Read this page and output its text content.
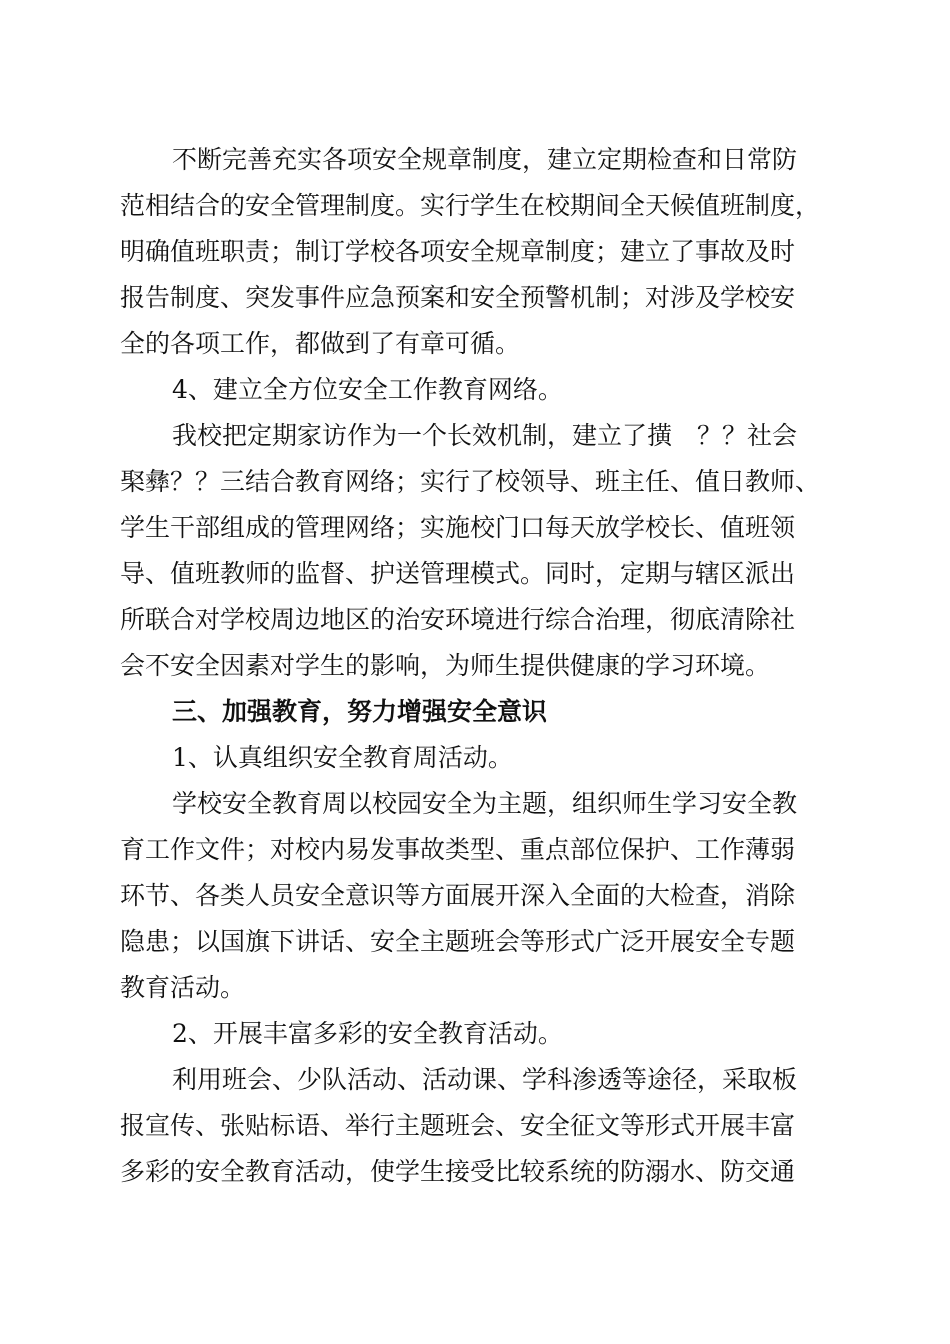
不断完善充实各项安全规章制度，建立定期检查和日常防
范相结合的安全管理制度。实行学生在校期间全天候值班制度，
明确值班职责；制订学校各项安全规章制度；建立了事故及时
报告制度、突发事件应急预案和安全预警机制；对涉及学校安
全的各项工作，都做到了有章可循。
4、建立全方位安全工作教育网络。
我校把定期家访作为一个长效机制，建立了撗　？？社会
棸彝？？三结合教育网络；实行了校领导、班主任、值日教师、
学生干部组成的管理网络；实施校门口每天放学校长、值班领
导、值班教师的监督、护送管理模式。同时，定期与辖区派出
所联合对学校周边地区的治安环境进行综合治理，彻底清除社
会不安全因素对学生的影响，为师生提供健康的学习环境。
三、加强教育，努力增强安全意识
1、认真组织安全教育周活动。
学校安全教育周以校园安全为主题，组织师生学习安全教
育工作文件；对校内易发事故类型、重点部位保护、工作薄弱
环节、各类人员安全意识等方面展开深入全面的大检查，消除
隐患；以国旗下讲话、安全主题班会等形式广泛开展安全专题
教育活动。
2、开展丰富多彩的安全教育活动。
利用班会、少队活动、活动课、学科渗透等途径，采取板
报宣传、张贴标语、举行主题班会、安全征文等形式开展丰富
多彩的安全教育活动，使学生接受比较系统的防溺水、防交通
